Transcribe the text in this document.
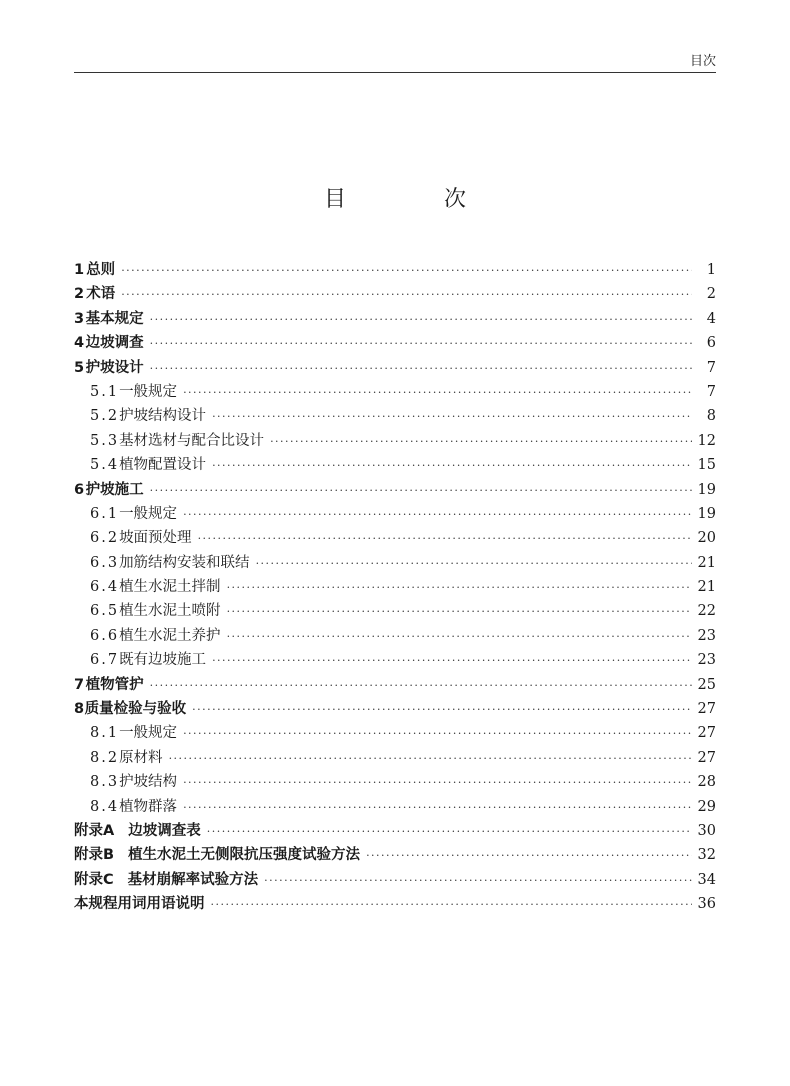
目次
目　次
1 总则 ·····	1
2 术语 ·····	2
3 基本规定 ·····	4
4 边坡调查 ·····	6
5 护坡设计 ·····	7
5.1 一般规定 ·····	7
5.2 护坡结构设计 ·····	8
5.3 基材选材与配合比设计 ·····	12
5.4 植物配置设计 ·····	15
6 护坡施工 ·····	19
6.1 一般规定 ·····	19
6.2 坡面预处理 ·····	20
6.3 加筋结构安装和联结 ·····	21
6.4 植生水泥土拌制 ·····	21
6.5 植生水泥土喷附 ·····	22
6.6 植生水泥土养护 ·····	23
6.7 既有边坡施工 ·····	23
7 植物管护 ·····	25
8 质量检验与验收 ·····	27
8.1 一般规定 ·····	27
8.2 原材料 ·····	27
8.3 护坡结构 ·····	28
8.4 植物群落 ·····	29
附录A 边坡调查表 ·····	30
附录B 植生水泥土无侧限抗压强度试验方法 ·····	32
附录C 基材崩解率试验方法 ·····	34
本规程用词用语说明 ·····	36
